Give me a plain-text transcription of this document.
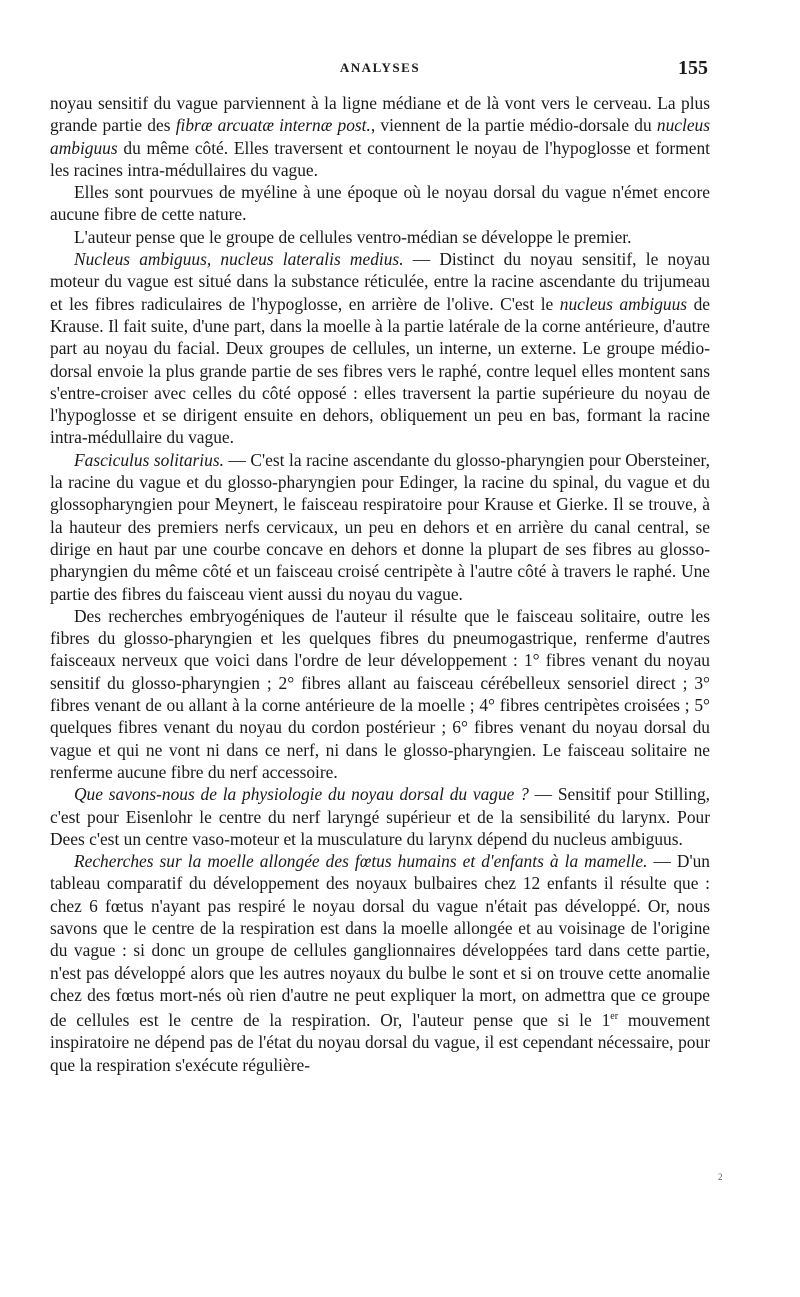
ANALYSES	155

noyau sensitif du vague parviennent à la ligne médiane et de là vont vers le cerveau. La plus grande partie des fibræ arcuatæ internæ post., viennent de la partie médio-dorsale du nucleus ambiguus du même côté. Elles traversent et contournent le noyau de l'hypoglosse et forment les racines intra-médullaires du vague.

Elles sont pourvues de myéline à une époque où le noyau dorsal du vague n'émet encore aucune fibre de cette nature.

L'auteur pense que le groupe de cellules ventro-médian se développe le premier.

Nucleus ambiguus, nucleus lateralis medius. — Distinct du noyau sensitif, le noyau moteur du vague est situé dans la substance réticulée, entre la racine ascendante du trijumeau et les fibres radiculaires de l'hypoglosse, en arrière de l'olive. C'est le nucleus ambiguus de Krause. Il fait suite, d'une part, dans la moelle à la partie latérale de la corne antérieure, d'autre part au noyau du facial. Deux groupes de cellules, un interne, un externe. Le groupe médio-dorsal envoie la plus grande partie de ses fibres vers le raphé, contre lequel elles montent sans s'entre-croiser avec celles du côté opposé : elles traversent la partie supérieure du noyau de l'hypoglosse et se dirigent ensuite en dehors, obliquement un peu en bas, formant la racine intra-médullaire du vague.

Fasciculus solitarius. — C'est la racine ascendante du glosso-pharyngien pour Obersteiner, la racine du vague et du glosso-pharyngien pour Edinger, la racine du spinal, du vague et du glossopharyngien pour Meynert, le faisceau respiratoire pour Krause et Gierke. Il se trouve, à la hauteur des premiers nerfs cervicaux, un peu en dehors et en arrière du canal central, se dirige en haut par une courbe concave en dehors et donne la plupart de ses fibres au glosso-pharyngien du même côté et un faisceau croisé centripète à l'autre côté à travers le raphé. Une partie des fibres du faisceau vient aussi du noyau du vague.

Des recherches embryogéniques de l'auteur il résulte que le faisceau solitaire, outre les fibres du glosso-pharyngien et les quelques fibres du pneumogastrique, renferme d'autres faisceaux nerveux que voici dans l'ordre de leur développement : 1° fibres venant du noyau sensitif du glosso-pharyngien ; 2° fibres allant au faisceau cérébelleux sensoriel direct ; 3° fibres venant de ou allant à la corne antérieure de la moelle ; 4° fibres centripètes croisées ; 5° quelques fibres venant du noyau du cordon postérieur ; 6° fibres venant du noyau dorsal du vague et qui ne vont ni dans ce nerf, ni dans le glosso-pharyngien. Le faisceau solitaire ne renferme aucune fibre du nerf accessoire.

Que savons-nous de la physiologie du noyau dorsal du vague ? — Sensitif pour Stilling, c'est pour Eisenlohr le centre du nerf laryngé supérieur et de la sensibilité du larynx. Pour Dees c'est un centre vaso-moteur et la musculature du larynx dépend du nucleus ambiguus.

Recherches sur la moelle allongée des fœtus humains et d'enfants à la mamelle. — D'un tableau comparatif du développement des noyaux bulbaires chez 12 enfants il résulte que : chez 6 fœtus n'ayant pas respiré le noyau dorsal du vague n'était pas développé. Or, nous savons que le centre de la respiration est dans la moelle allongée et au voisinage de l'origine du vague : si donc un groupe de cellules ganglionnaires développées tard dans cette partie, n'est pas développé alors que les autres noyaux du bulbe le sont et si on trouve cette anomalie chez des fœtus mort-nés où rien d'autre ne peut expliquer la mort, on admettra que ce groupe de cellules est le centre de la respiration. Or, l'auteur pense que si le 1er mouvement inspiratoire ne dépend pas de l'état du noyau dorsal du vague, il est cependant nécessaire, pour que la respiration s'exécute régulière-

2
